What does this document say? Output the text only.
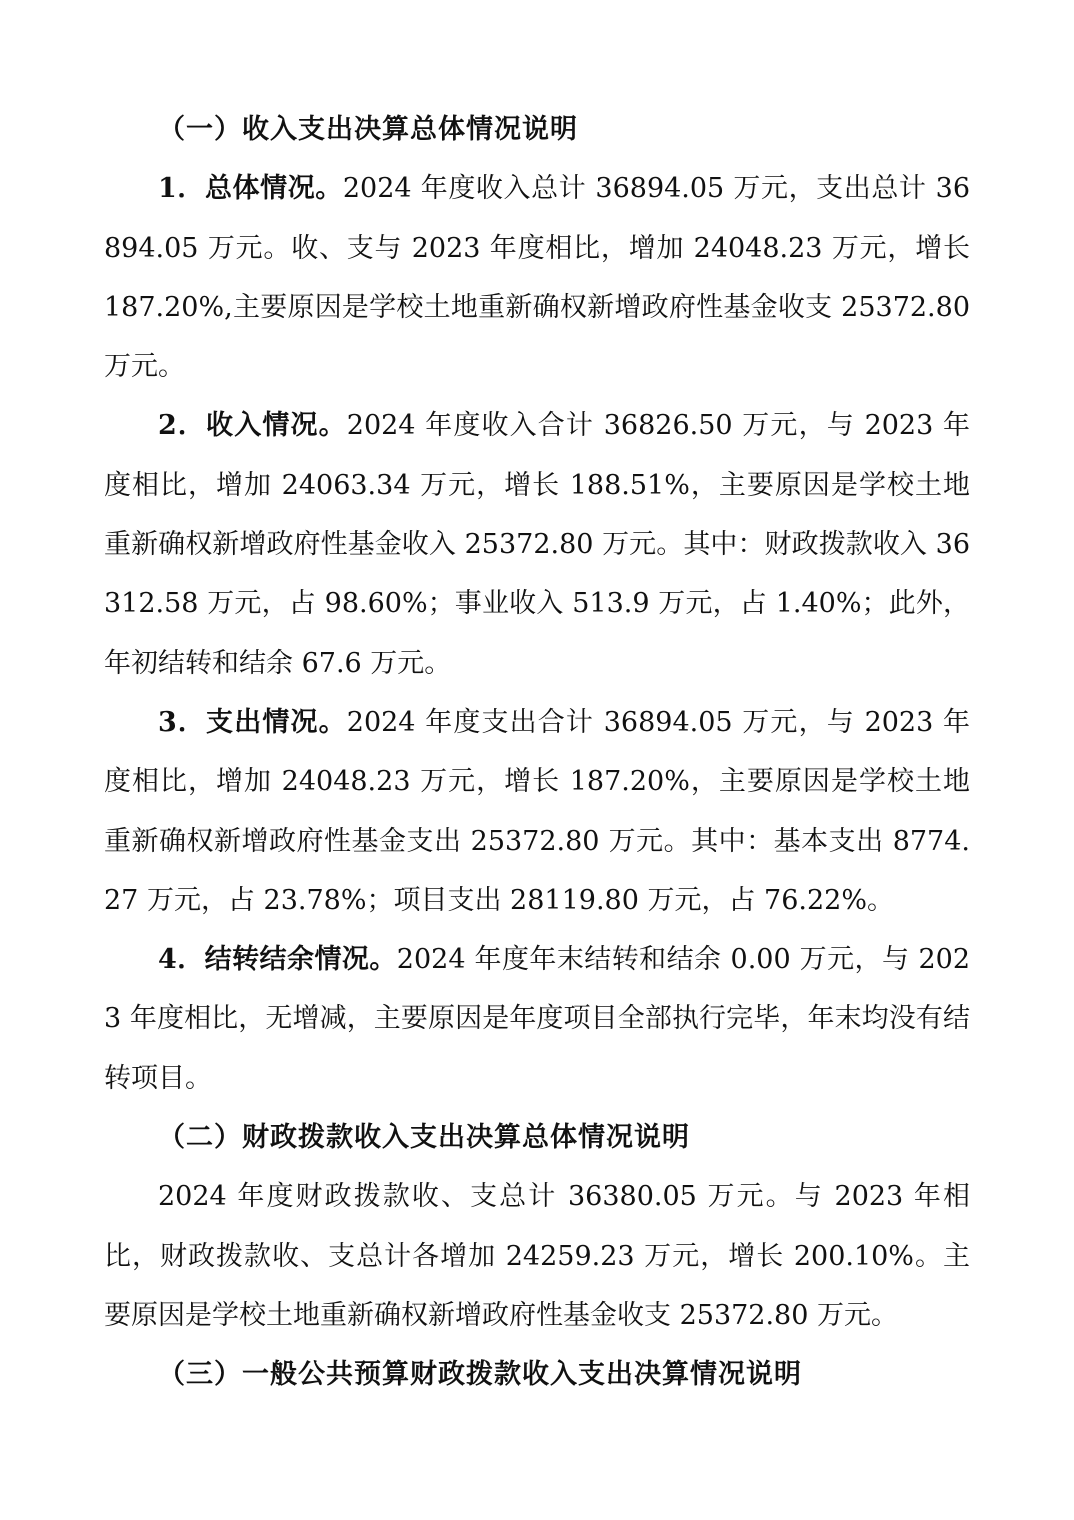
（一）收入支出决算总体情况说明

1．总体情况。2024 年度收入总计 36894.05 万元，支出总计 36894.05 万元。收、支与 2023 年度相比，增加 24048.23 万元，增长 187.20%,主要原因是学校土地重新确权新增政府性基金收支 25372.80 万元。

2．收入情况。2024 年度收入合计 36826.50 万元，与 2023 年度相比，增加 24063.34 万元，增长 188.51%，主要原因是学校土地重新确权新增政府性基金收入 25372.80 万元。其中：财政拨款收入 36312.58 万元，占 98.60%；事业收入 513.9 万元，占 1.40%；此外，年初结转和结余 67.6 万元。

3．支出情况。2024 年度支出合计 36894.05 万元，与 2023 年度相比，增加 24048.23 万元，增长 187.20%，主要原因是学校土地重新确权新增政府性基金支出 25372.80 万元。其中：基本支出 8774.27 万元，占 23.78%；项目支出 28119.80 万元，占 76.22%。

4．结转结余情况。2024 年度年末结转和结余 0.00 万元，与 2023 年度相比，无增减，主要原因是年度项目全部执行完毕，年末均没有结转项目。

（二）财政拨款收入支出决算总体情况说明

2024 年度财政拨款收、支总计 36380.05 万元。与 2023 年相比，财政拨款收、支总计各增加 24259.23 万元，增长 200.10%。主要原因是学校土地重新确权新增政府性基金收支 25372.80 万元。

（三）一般公共预算财政拨款收入支出决算情况说明
